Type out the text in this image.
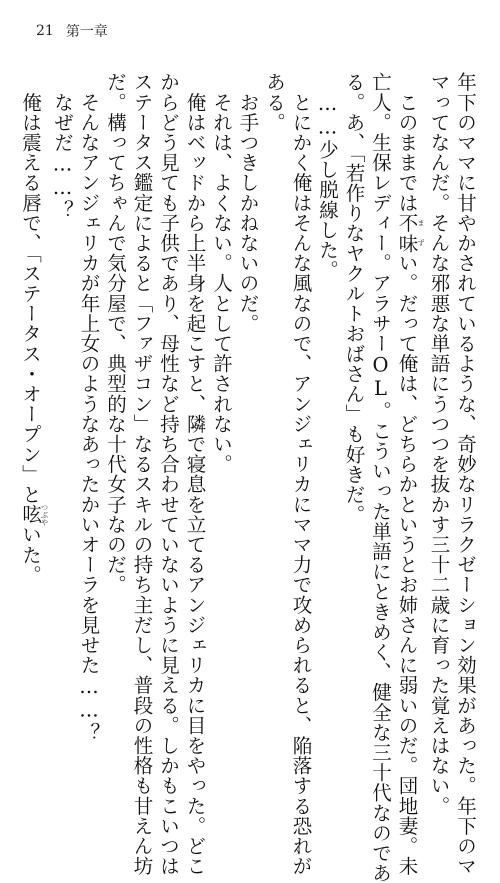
21 第一章
年下のママに甘やかされているような、奇妙なリラクゼーション効果があった。年下のマ
マってなんだ。そんな邪悪な単語にうつつを抜かす三十二歳に育った覚えはない。
　このままでは不味まずい。だって俺は、どちらかというとお姉さんに弱いのだ。団地妻。未
亡人。生保レディー。アラサーOL。こういった単語にときめく、健全な三十代なのであ
る。あ、「若作りなヤクルトおばさん」も好きだ。
　……少し脱線した。
　とにかく俺はそんな風なので、アンジェリカにママ力で攻められると、陥落する恐れが
ある。
　お手つきしかねないのだ。
　それは、よくない。人として許されない。
　俺はベッドから上半身を起こすと、隣で寝息を立てるアンジェリカに目をやった。どこ
からどう見ても子供であり、母性など持ち合わせていないように見える。しかもこいつは
ステータス鑑定によると「ファザコン」なるスキルの持ち主だし、普段の性格も甘えん坊
だ。構ってちゃんで気分屋で、典型的な十代女子なのだ。
　そんなアンジェリカが年上女のようなあったかいオーラを見せた……？
　なぜだ……？
　俺は震える唇で、「ステータス・オープン」と呟つぶやいた。
